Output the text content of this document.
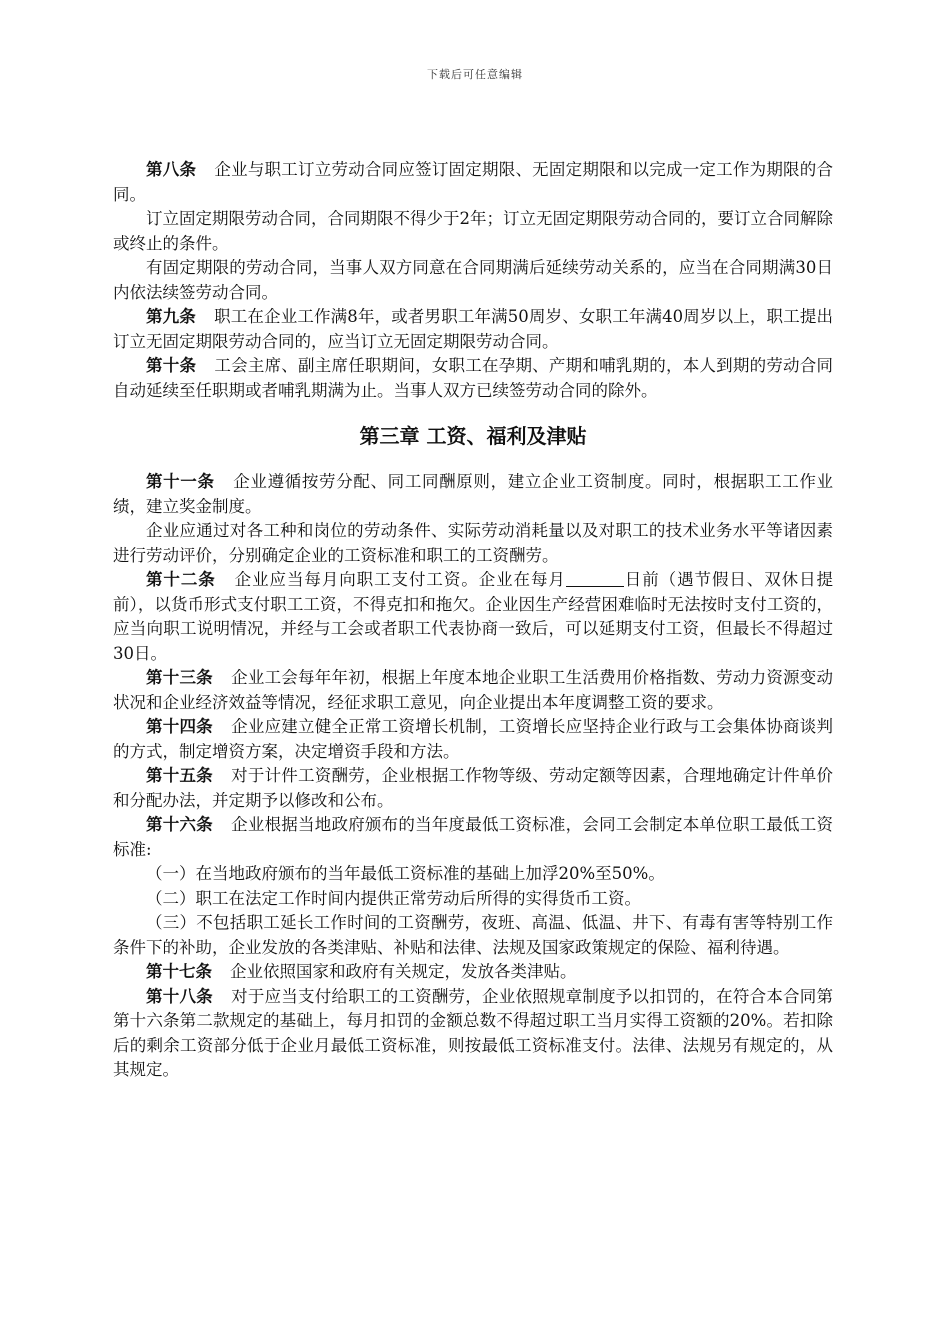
下载后可任意编辑

第八条 企业与职工订立劳动合同应签订固定期限、无固定期限和以完成一定工作为期限的合同。

订立固定期限劳动合同，合同期限不得少于2年；订立无固定期限劳动合同的，要订立合同解除或终止的条件。

有固定期限的劳动合同，当事人双方同意在合同期满后延续劳动关系的，应当在合同期满30日内依法续签劳动合同。

第九条 职工在企业工作满8年，或者男职工年满50周岁、女职工年满40周岁以上，职工提出订立无固定期限劳动合同的，应当订立无固定期限劳动合同。

第十条 工会主席、副主席任职期间，女职工在孕期、产期和哺乳期的，本人到期的劳动合同自动延续至任职期或者哺乳期满为止。当事人双方已续签劳动合同的除外。

第三章 工资、福利及津贴

第十一条 企业遵循按劳分配、同工同酬原则，建立企业工资制度。同时，根据职工工作业绩，建立奖金制度。

企业应通过对各工种和岗位的劳动条件、实际劳动消耗量以及对职工的技术业务水平等诸因素进行劳动评价，分别确定企业的工资标准和职工的工资酬劳。

第十二条 企业应当每月向职工支付工资。企业在每月	日前（遇节假日、双休日提前），以货币形式支付职工工资，不得克扣和拖欠。企业因生产经营困难临时无法按时支付工资的，应当向职工说明情况，并经与工会或者职工代表协商一致后，可以延期支付工资，但最长不得超过30日。

第十三条 企业工会每年年初，根据上年度本地企业职工生活费用价格指数、劳动力资源变动状况和企业经济效益等情况，经征求职工意见，向企业提出本年度调整工资的要求。

第十四条 企业应建立健全正常工资增长机制，工资增长应坚持企业行政与工会集体协商谈判的方式，制定增资方案，决定增资手段和方法。

第十五条 对于计件工资酬劳，企业根据工作物等级、劳动定额等因素，合理地确定计件单价和分配办法，并定期予以修改和公布。

第十六条 企业根据当地政府颁布的当年度最低工资标准，会同工会制定本单位职工最低工资标准:

（一）在当地政府颁布的当年最低工资标准的基础上加浮20%至50%。

（二）职工在法定工作时间内提供正常劳动后所得的实得货币工资。

（三）不包括职工延长工作时间的工资酬劳，夜班、高温、低温、井下、有毒有害等特别工作条件下的补助，企业发放的各类津贴、补贴和法律、法规及国家政策规定的保险、福利待遇。

第十七条 企业依照国家和政府有关规定，发放各类津贴。

第十八条 对于应当支付给职工的工资酬劳，企业依照规章制度予以扣罚的，在符合本合同第第十六条第二款规定的基础上，每月扣罚的金额总数不得超过职工当月实得工资额的20%。若扣除后的剩余工资部分低于企业月最低工资标准，则按最低工资标准支付。法律、法规另有规定的，从其规定。
